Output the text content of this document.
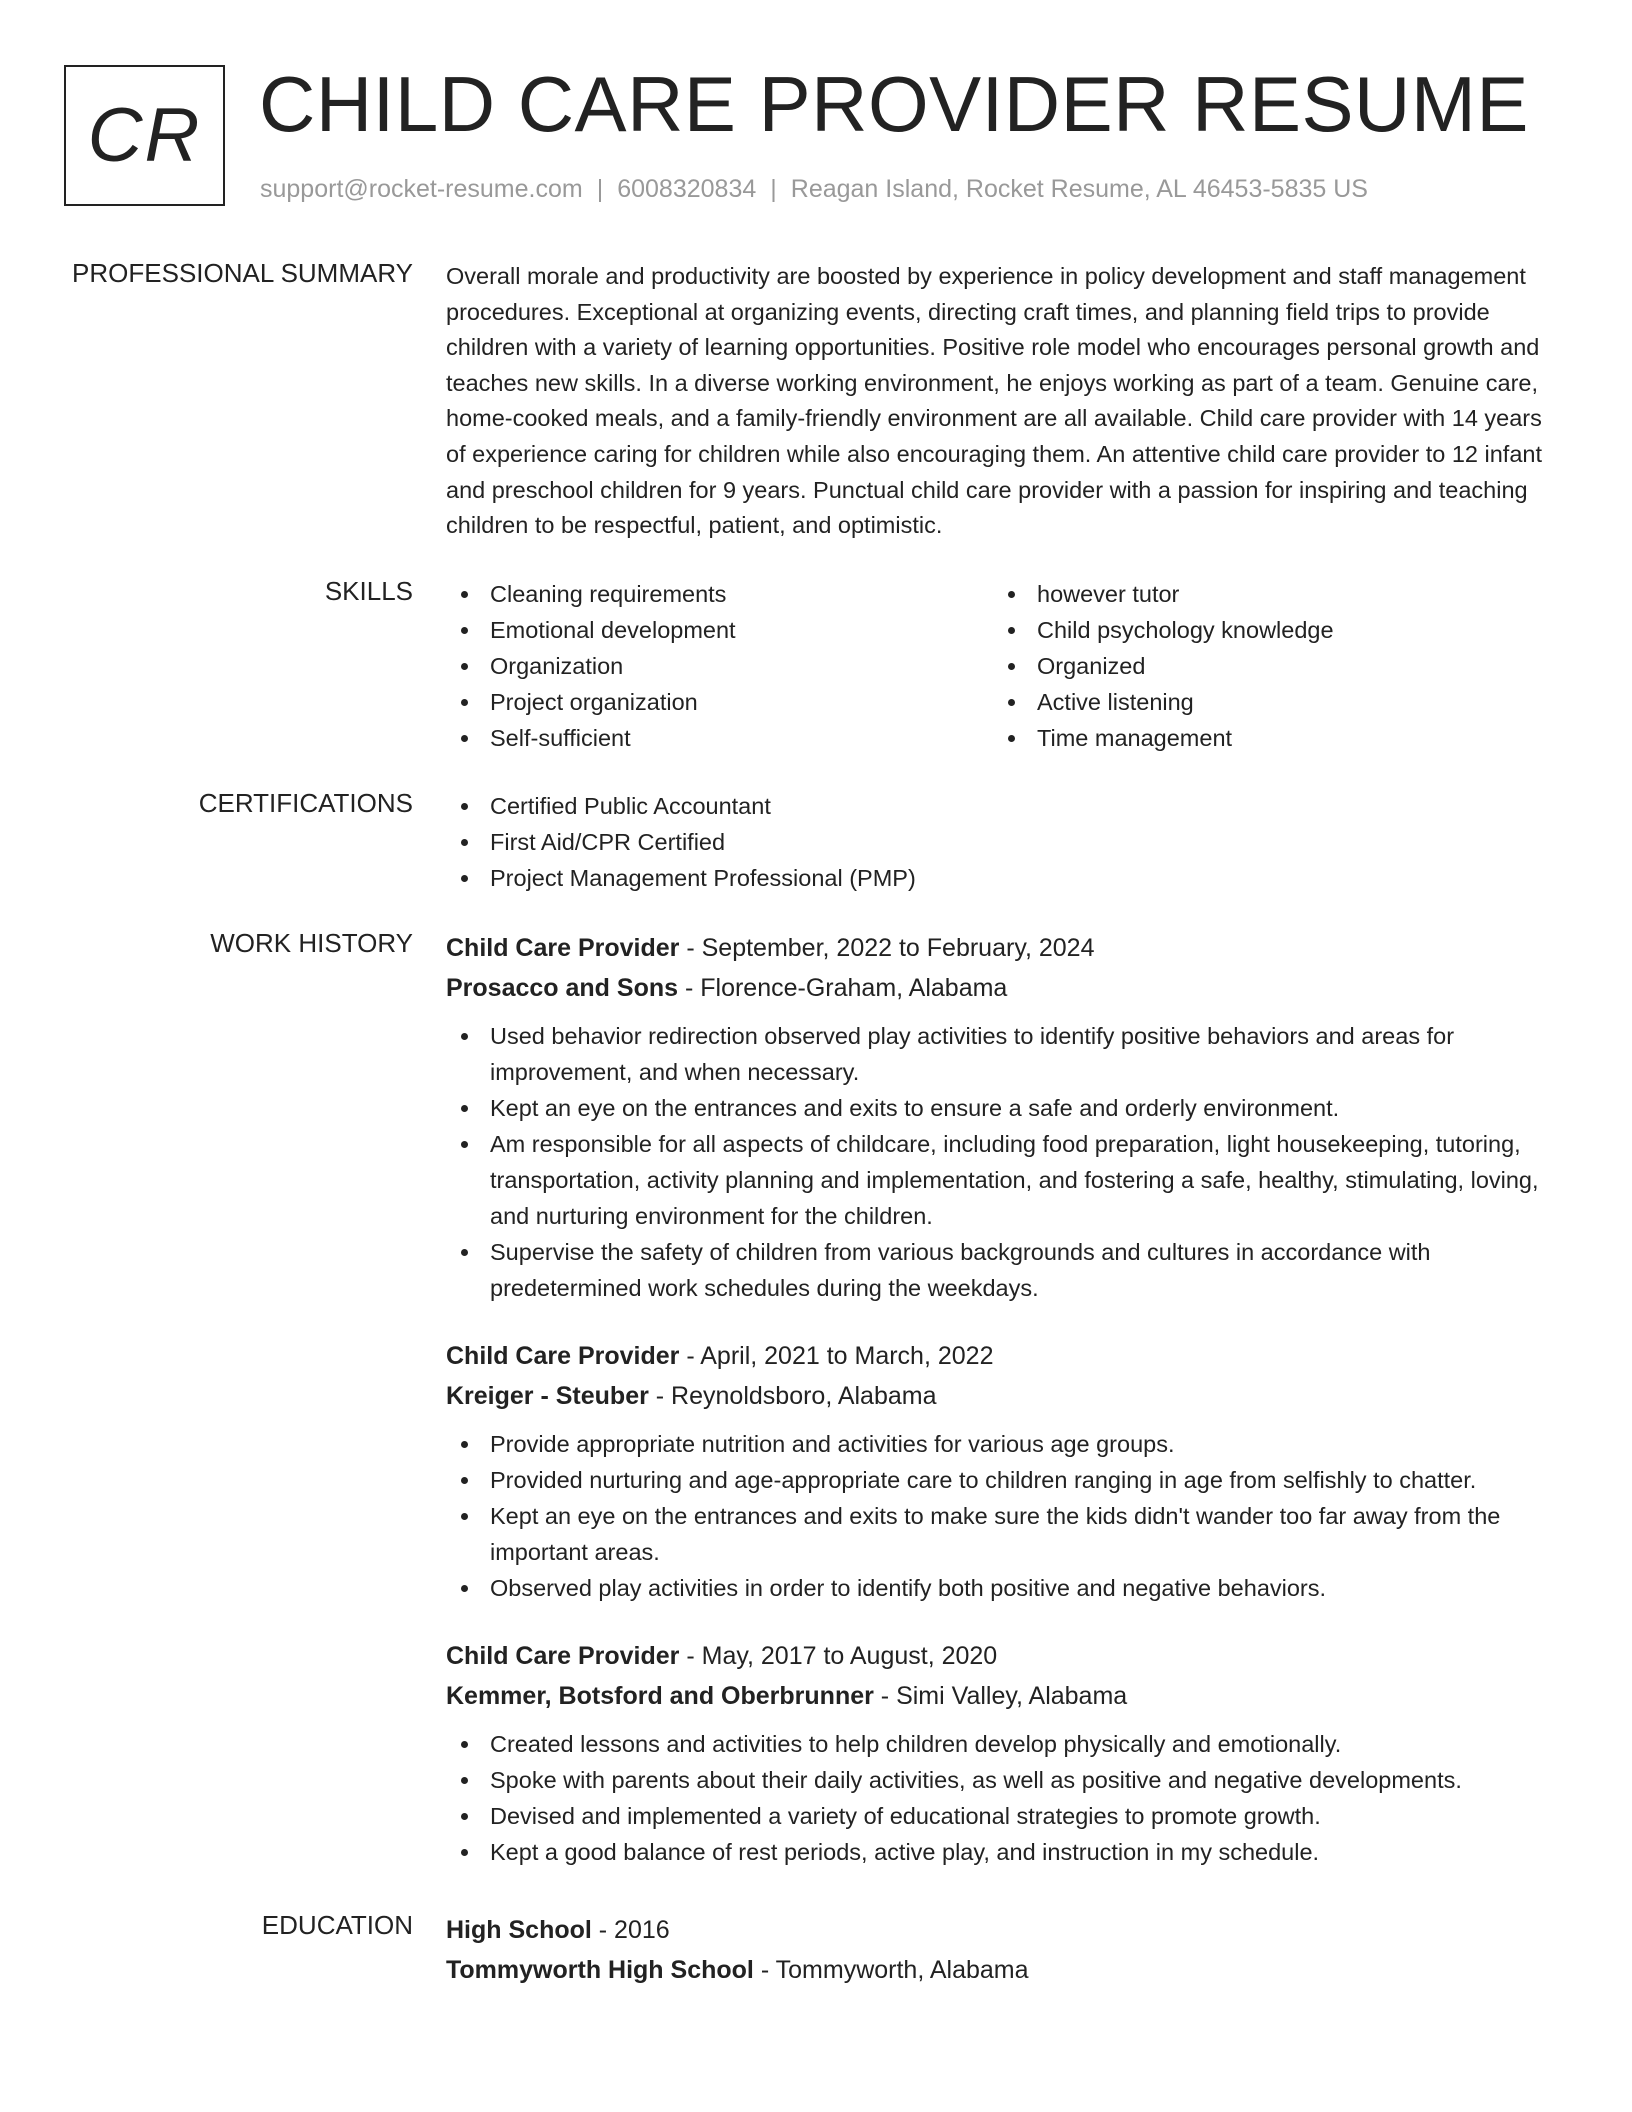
CR CHILD CARE PROVIDER RESUME
support@rocket-resume.com | 6008320834 | Reagan Island, Rocket Resume, AL 46453-5835 US
PROFESSIONAL SUMMARY Overall morale and productivity are boosted by experience in policy development and staff management procedures. Exceptional at organizing events, directing craft times, and planning field trips to provide children with a variety of learning opportunities. Positive role model who encourages personal growth and teaches new skills. In a diverse working environment, he enjoys working as part of a team. Genuine care, home-cooked meals, and a family-friendly environment are all available. Child care provider with 14 years of experience caring for children while also encouraging them. An attentive child care provider to 12 infant and preschool children for 9 years. Punctual child care provider with a passion for inspiring and teaching children to be respectful, patient, and optimistic.

SKILLS	Cleaning requirements
Emotional development
Organization
Project organization
Self-sufficient
however tutor
Child psychology knowledge
Organized
Active listening
Time management
CERTIFICATIONS	Certified Public Accountant
First Aid/CPR Certified
Project Management Professional (PMP)
WORK HISTORY Child Care Provider - September, 2022 to February, 2024
Prosacco and Sons - Florence-Graham, Alabama
Used behavior redirection observed play activities to identify positive behaviors and areas for improvement, and when necessary.
Kept an eye on the entrances and exits to ensure a safe and orderly environment.
Am responsible for all aspects of childcare, including food preparation, light housekeeping, tutoring, transportation, activity planning and implementation, and fostering a safe, healthy, stimulating, loving, and nurturing environment for the children.
Supervise the safety of children from various backgrounds and cultures in accordance with predetermined work schedules during the weekdays.
Child Care Provider - April, 2021 to March, 2022
Kreiger - Steuber - Reynoldsboro, Alabama
Provide appropriate nutrition and activities for various age groups.
Provided nurturing and age-appropriate care to children ranging in age from selfishly to chatter.
Kept an eye on the entrances and exits to make sure the kids didn't wander too far away from the important areas.
Observed play activities in order to identify both positive and negative behaviors.
Child Care Provider - May, 2017 to August, 2020
Kemmer, Botsford and Oberbrunner - Simi Valley, Alabama
Created lessons and activities to help children develop physically and emotionally.
Spoke with parents about their daily activities, as well as positive and negative developments.
Devised and implemented a variety of educational strategies to promote growth.
Kept a good balance of rest periods, active play, and instruction in my schedule.
EDUCATION High School - 2016
Tommyworth High School - Tommyworth, Alabama
